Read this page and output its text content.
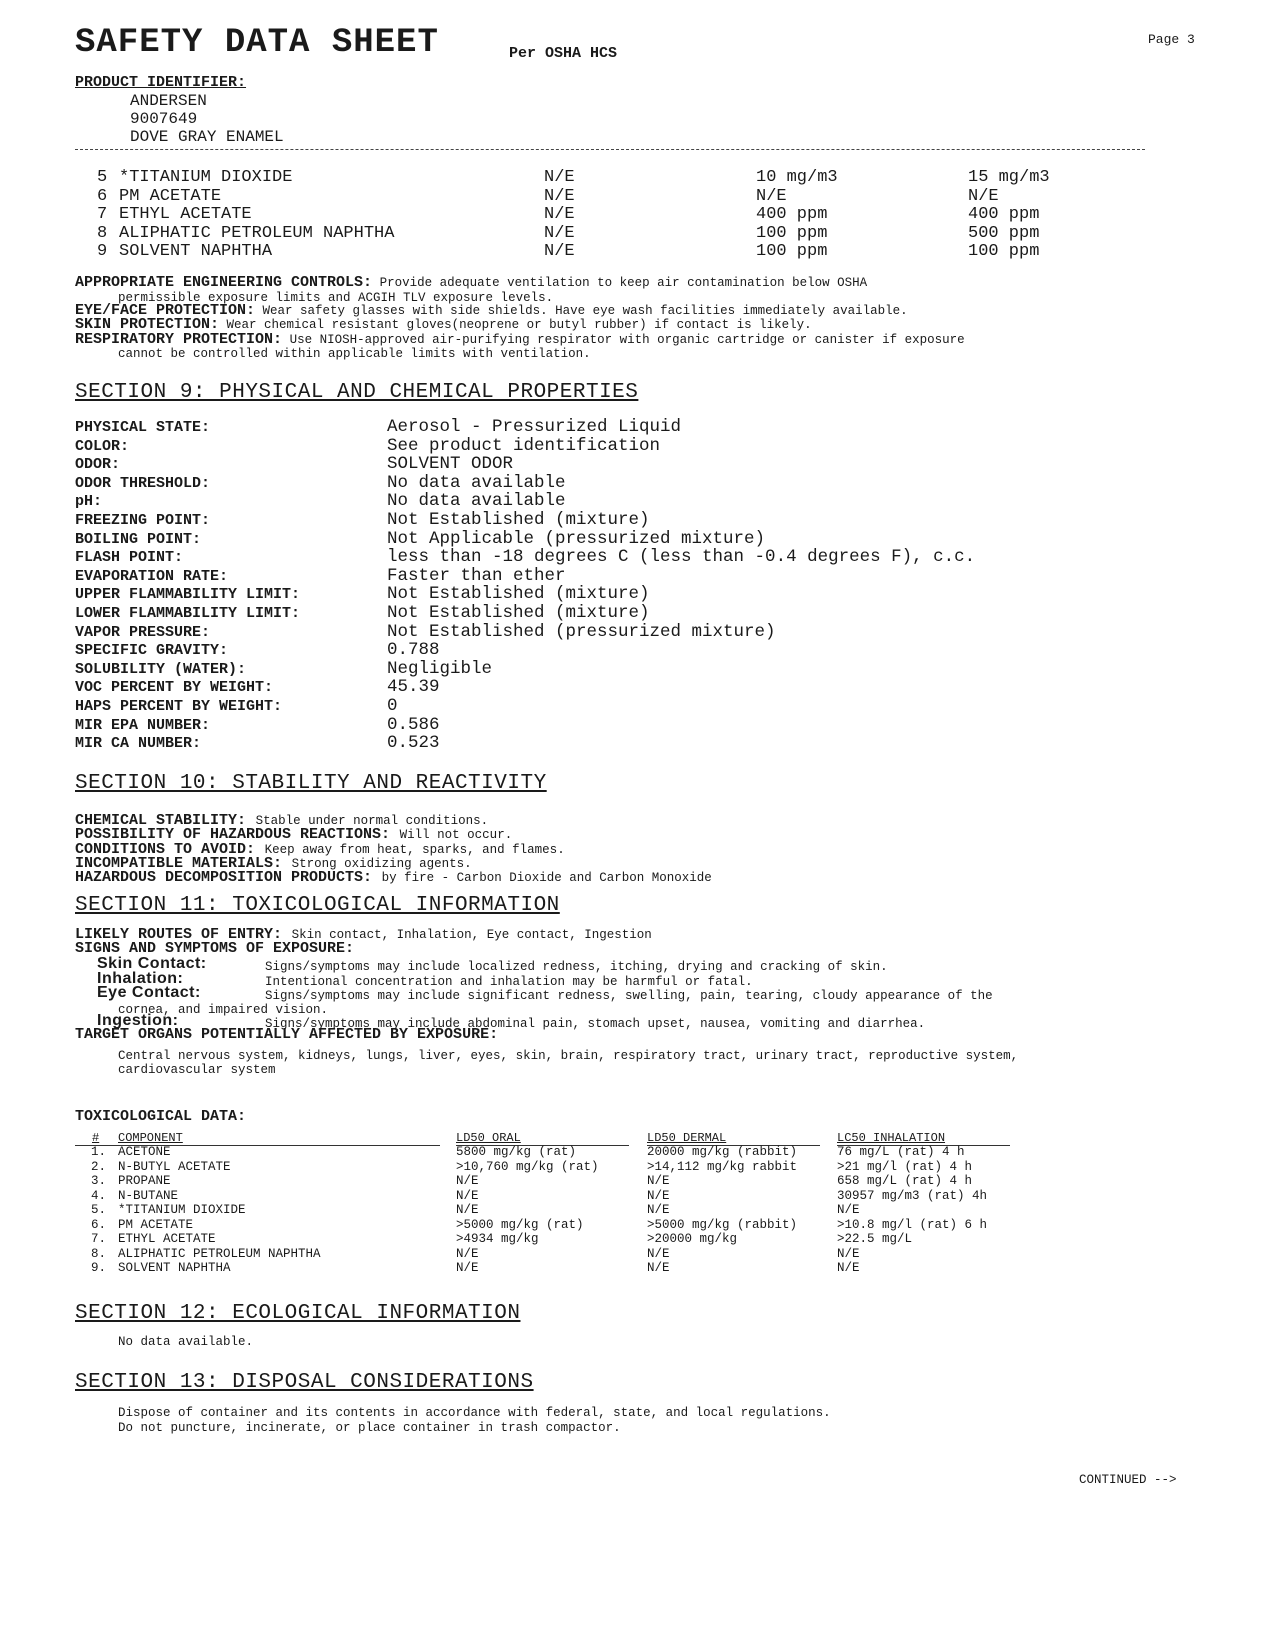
SAFETY DATA SHEET	Per OSHA HCS
Page 3
PRODUCT IDENTIFIER:
ANDERSEN
9007649
DOVE GRAY ENAMEL
5 *TITANIUM DIOXIDE	N/E	10 mg/m3	15 mg/m3
6 PM ACETATE	N/E	N/E	N/E
7 ETHYL ACETATE	N/E	400 ppm	400 ppm
8 ALIPHATIC PETROLEUM NAPHTHA	N/E	100 ppm	500 ppm
9 SOLVENT NAPHTHA	N/E	100 ppm	100 ppm
APPROPRIATE ENGINEERING CONTROLS: Provide adequate ventilation to keep air contamination below OSHA
permissible exposure limits and ACGIH TLV exposure levels.
EYE/FACE PROTECTION: Wear safety glasses with side shields. Have eye wash facilities immediately available.
SKIN PROTECTION: Wear chemical resistant gloves(neoprene or butyl rubber) if contact is likely.
RESPIRATORY PROTECTION: Use NIOSH-approved air-purifying respirator with organic cartridge or canister if exposure
cannot be controlled within applicable limits with ventilation.
SECTION 9: PHYSICAL AND CHEMICAL PROPERTIES
PHYSICAL STATE:	Aerosol - Pressurized Liquid
COLOR:	See product identification
ODOR:	SOLVENT ODOR
ODOR THRESHOLD:	No data available
pH:	No data available
FREEZING POINT:	Not Established (mixture)
BOILING POINT:	Not Applicable (pressurized mixture)
FLASH POINT:	less than -18 degrees C (less than -0.4 degrees F), c.c.
EVAPORATION RATE:	Faster than ether
UPPER FLAMMABILITY LIMIT:	Not Established (mixture)
LOWER FLAMMABILITY LIMIT:	Not Established (mixture)
VAPOR PRESSURE:	Not Established (pressurized mixture)
SPECIFIC GRAVITY:	0.788
SOLUBILITY (WATER):	Negligible
VOC PERCENT BY WEIGHT:	45.39
HAPS PERCENT BY WEIGHT:	0
MIR EPA NUMBER:	0.586
MIR CA NUMBER:	0.523
SECTION 10: STABILITY AND REACTIVITY
CHEMICAL STABILITY: Stable under normal conditions.
POSSIBILITY OF HAZARDOUS REACTIONS: Will not occur.
CONDITIONS TO AVOID: Keep away from heat, sparks, and flames.
INCOMPATIBLE MATERIALS: Strong oxidizing agents.
HAZARDOUS DECOMPOSITION PRODUCTS: by fire - Carbon Dioxide and Carbon Monoxide
SECTION 11: TOXICOLOGICAL INFORMATION
LIKELY ROUTES OF ENTRY: Skin contact, Inhalation, Eye contact, Ingestion
SIGNS AND SYMPTOMS OF EXPOSURE:
Skin Contact:	Signs/symptoms may include localized redness, itching, drying and cracking of skin.
Inhalation:	Intentional concentration and inhalation may be harmful or fatal.
Eye Contact:	Signs/symptoms may include significant redness, swelling, pain, tearing, cloudy appearance of the
cornea, and impaired vision.
Ingestion:	Signs/symptoms may include abdominal pain, stomach upset, nausea, vomiting and diarrhea.
TARGET ORGANS POTENTIALLY AFFECTED BY EXPOSURE:
Central nervous system, kidneys, lungs, liver, eyes, skin, brain, respiratory tract, urinary tract, reproductive system,
cardiovascular system
TOXICOLOGICAL DATA:
# COMPONENT	LD50 ORAL	LD50 DERMAL	LC50 INHALATION
1. ACETONE	5800 mg/kg (rat)	20000 mg/kg (rabbit)	76 mg/L (rat) 4 h
2. N-BUTYL ACETATE	>10,760 mg/kg (rat)	>14,112 mg/kg rabbit	>21 mg/l (rat) 4 h
3. PROPANE	N/E	N/E	658 mg/L (rat) 4 h
4. N-BUTANE	N/E	N/E	30957 mg/m3 (rat) 4h
5. *TITANIUM DIOXIDE	N/E	N/E	N/E
6. PM ACETATE	>5000 mg/kg (rat)	>5000 mg/kg (rabbit)	>10.8 mg/l (rat) 6 h
7. ETHYL ACETATE	>4934 mg/kg	>20000 mg/kg	>22.5 mg/L
8. ALIPHATIC PETROLEUM NAPHTHA	N/E	N/E	N/E
9. SOLVENT NAPHTHA	N/E	N/E	N/E
SECTION 12: ECOLOGICAL INFORMATION
No data available.
SECTION 13: DISPOSAL CONSIDERATIONS
Dispose of container and its contents in accordance with federal, state, and local regulations.
Do not puncture, incinerate, or place container in trash compactor.
CONTINUED -->
